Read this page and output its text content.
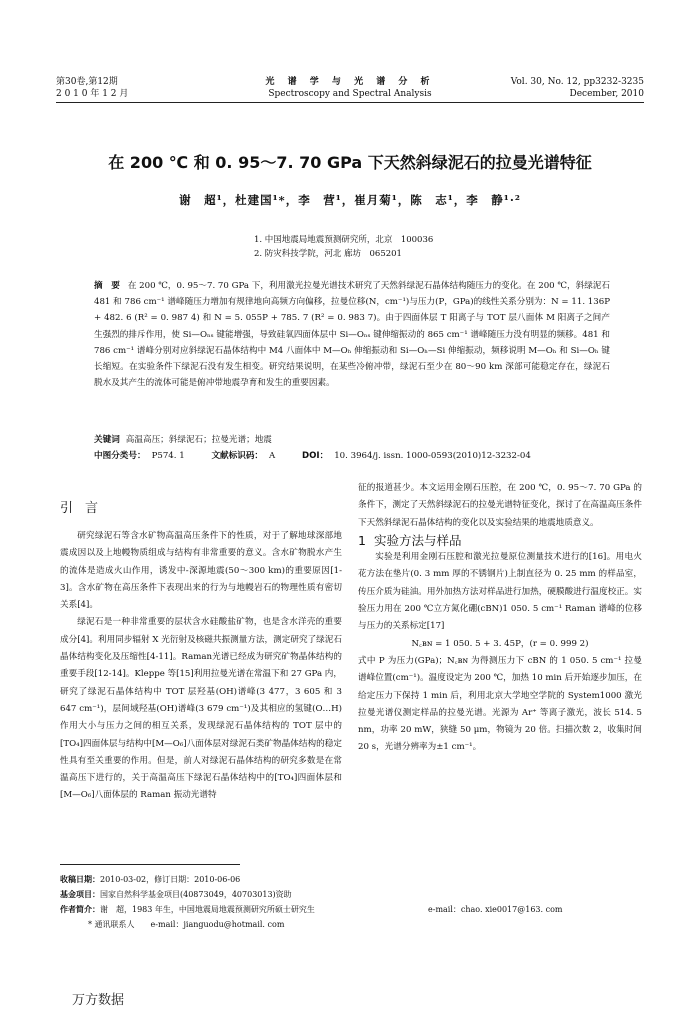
第30卷,第12期
2 0 1 0 年 1 2 月
光 谱 学 与 光 谱 分 析
Spectroscopy and Spectral Analysis
Vol. 30, No. 12, pp3232-3235
December, 2010
在 200 ℃ 和 0. 95～7. 70 GPa 下天然斜绿泥石的拉曼光谱特征
谢　超¹，杜建国¹*，李　营¹，崔月菊¹，陈　志¹，李　静¹·²
1. 中国地震局地震预测研究所，北京　100036
2. 防灾科技学院，河北 廊坊　065201
摘　要 在 200 ℃，0. 95～7. 70 GPa 下，利用激光拉曼光谱技术研究了天然斜绿泥石晶体结构随压力的变化。在 200 ℃，斜绿泥石 481 和 786 cm⁻¹ 谱峰随压力增加有规律地向高频方向偏移，拉曼位移(N，cm⁻¹)与压力(P，GPa)的线性关系分别为：N = 11. 136P + 482. 6 (R² = 0. 987 4) 和 N = 5. 055P + 785. 7 (R² = 0. 983 7)。由于四面体层 T 阳离子与 TOT 层八面体 M 阳离子之间产生强烈的排斥作用，使 Si—Oₙₛ 键能增强，导致硅氧四面体层中 Si—Oₙₛ 键伸缩振动的 865 cm⁻¹ 谱峰随压力没有明显的频移。481 和 786 cm⁻¹ 谱峰分别对应斜绿泥石晶体结构中 M4 八面体中 M—Oₕ 伸缩振动和 Si—Oₕ—Si 伸缩振动，频移说明 M—Oₕ 和 Si—Oₕ 键长缩短。在实验条件下绿泥石没有发生相变。研究结果说明，在某些冷俯冲带，绿泥石至少在 80～90 km 深部可能稳定存在，绿泥石脱水及其产生的流体可能是俯冲带地震孕育和发生的重要因素。
关键词 高温高压；斜绿泥石；拉曼光谱；地震
中图分类号： P574. 1	文献标识码： A	DOI： 10. 3964/j. issn. 1000-0593(2010)12-3232-04
引言

研究绿泥石等含水矿物高温高压条件下的性质，对于了解地球深部地震成因以及上地幔物质组成与结构有非常重要的意义。含水矿物脱水产生的流体是造成火山作用，诱发中-深源地震(50～300 km)的重要原因[1-3]。含水矿物在高压条件下表现出来的行为与地幔岩石的物理性质有密切关系[4]。

绿泥石是一种非常重要的层状含水硅酸盐矿物，也是含水洋壳的重要成分[4]。利用同步辐射 X 光衍射及核磁共振测量方法，测定研究了绿泥石晶体结构变化及压缩性[4-11]。Raman光谱已经成为研究矿物晶体结构的重要手段[12-14]。Kleppe 等[15]利用拉曼光谱在常温下和 27 GPa 内，研究了绿泥石晶体结构中 TOT 层羟基(OH)谱峰(3 477，3 605 和 3 647 cm⁻¹)，层间域羟基(OH)谱峰(3 679 cm⁻¹)及其相应的氢键(O…H)作用大小与压力之间的相互关系，发现绿泥石晶体结构的 TOT 层中的[TO₄]四面体层与结构中[M—O₆]八面体层对绿泥石类矿物晶体结构的稳定性具有至关重要的作用。但是，前人对绿泥石晶体结构的研究多数是在常温高压下进行的，关于高温高压下绿泥石晶体结构中的[TO₄]四面体层和[M—O₆]八面体层的 Raman 振动光谱特

征的报道甚少。本文运用金刚石压腔，在 200 ℃，0. 95～7. 70 GPa 的条件下，测定了天然斜绿泥石的拉曼光谱特征变化，探讨了在高温高压条件下天然斜绿泥石晶体结构的变化以及实验结果的地震地质意义。

1 实验方法与样品

实验是利用金刚石压腔和激光拉曼原位测量技术进行的[16]。用电火花方法在垫片(0. 3 mm 厚的不锈钢片)上制直径为 0. 25 mm 的样品室，传压介质为硅油。用外加热方法对样品进行加热，硬膜酸进行温度校正。实验压力用在 200 ℃立方氮化硼(cBN)1 050. 5 cm⁻¹ Raman 谱峰的位移与压力的关系标定[17]

N꜀ʙɴ = 1 050. 5 + 3. 45P，(r = 0. 999 2)

式中 P 为压力(GPa)；N꜀ʙɴ 为得测压力下 cBN 的 1 050. 5 cm⁻¹ 拉曼谱峰位置(cm⁻¹)。温度设定为 200 ℃，加热 10 min 后开始逐步加压，在给定压力下保持 1 min 后，利用北京大学地空学院的 System1000 激光拉曼光谱仪测定样品的拉曼光谱。光源为 Ar⁺ 等离子激光，波长 514. 5 nm，功率 20 mW，狭缝 50 μm，物镜为 20 倍。扫描次数 2，收集时间 20 s，光谱分辨率为±1 cm⁻¹。

收稿日期：2010-03-02，修订日期：2010-06-06
基金项目：国家自然科学基金项目(40873049，40703013)资助
作者简介：谢　超，1983 年生，中国地震局地震预测研究所硕士研究生	e-mail：chao. xie0017@163. com
* 通讯联系人　　e-mail：jianguodu@hotmail. com
万方数据
